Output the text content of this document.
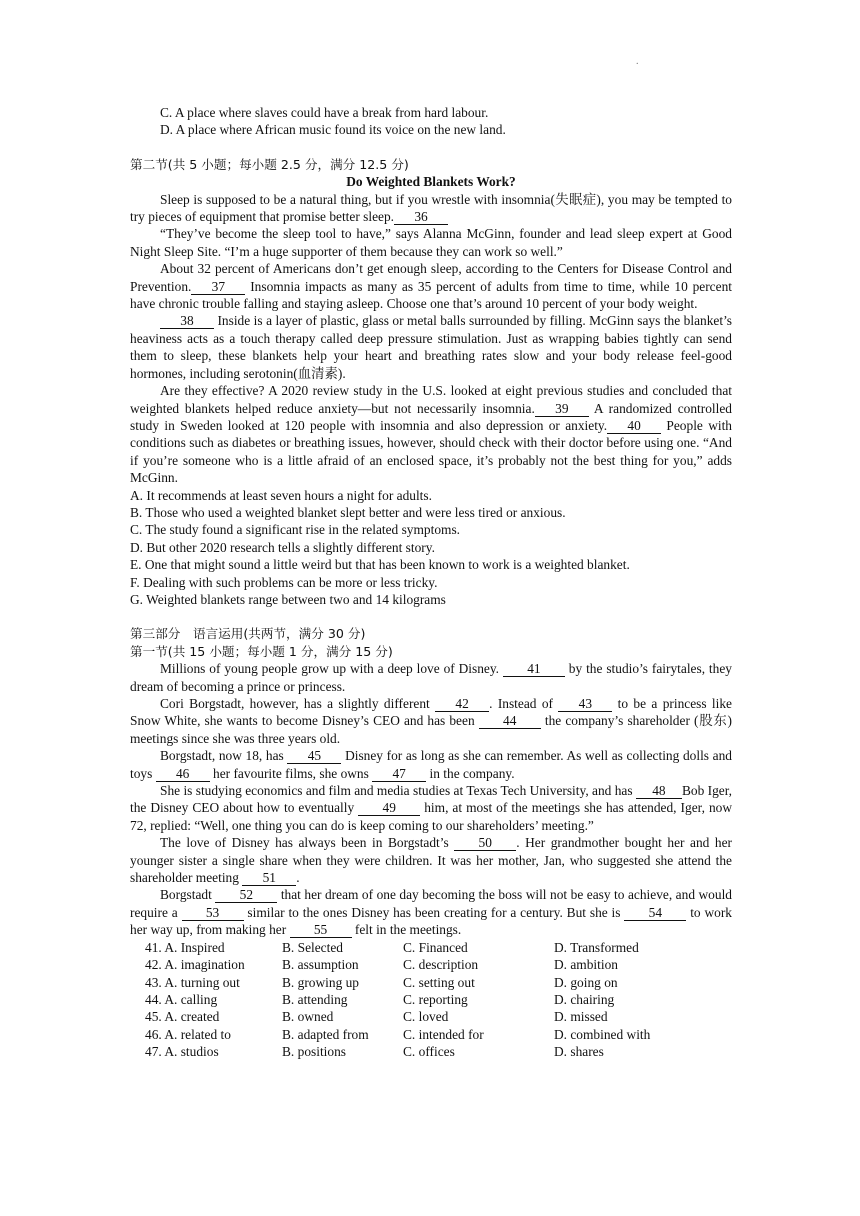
.

C. A place where slaves could have a break from hard labour.

D. A place where African music found its voice on the new land.

第二节(共 5 小题；每小题 2.5 分，满分 12.5 分)

Do Weighted Blankets Work?

Sleep is supposed to be a natural thing, but if you wrestle with insomnia(失眠症), you may be tempted to try pieces of equipment that promise better sleep. 36

“They’ve become the sleep tool to have,” says Alanna McGinn, founder and lead sleep expert at Good Night Sleep Site. “I’m a huge supporter of them because they can work so well.”

About 32 percent of Americans don’t get enough sleep, according to the Centers for Disease Control and Prevention. 37 Insomnia impacts as many as 35 percent of adults from time to time, while 10 percent have chronic trouble falling and staying asleep. Choose one that’s around 10 percent of your body weight.

38 Inside is a layer of plastic, glass or metal balls surrounded by filling. McGinn says the blanket’s heaviness acts as a touch therapy called deep pressure stimulation. Just as wrapping babies tightly can send them to sleep, these blankets help your heart and breathing rates slow and your body release feel-good hormones, including serotonin(血清素).

Are they effective? A 2020 review study in the U.S. looked at eight previous studies and concluded that weighted blankets helped reduce anxiety—but not necessarily insomnia. 39 A randomized controlled study in Sweden looked at 120 people with insomnia and also depression or anxiety. 40 People with conditions such as diabetes or breathing issues, however, should check with their doctor before using one. “And if you’re someone who is a little afraid of an enclosed space, it’s probably not the best thing for you,” adds McGinn.

A. It recommends at least seven hours a night for adults.

B. Those who used a weighted blanket slept better and were less tired or anxious.

C. The study found a significant rise in the related symptoms.

D. But other 2020 research tells a slightly different story.

E. One that might sound a little weird but that has been known to work is a weighted blanket.

F. Dealing with such problems can be more or less tricky.

G. Weighted blankets range between two and 14 kilograms

第三部分　语言运用(共两节，满分 30 分)

第一节(共 15 小题；每小题 1 分，满分 15 分)

Millions of young people grow up with a deep love of Disney. 41 by the studio’s fairytales, they dream of becoming a prince or princess.

Cori Borgstadt, however, has a slightly different 42 . Instead of 43 to be a princess like Snow White, she wants to become Disney’s CEO and has been 44 the company’s shareholder (股东) meetings since she was three years old.

Borgstadt, now 18, has 45 Disney for as long as she can remember. As well as collecting dolls and toys 46 her favourite films, she owns 47 in the company.

She is studying economics and film and media studies at Texas Tech University, and has 48 Bob Iger, the Disney CEO about how to eventually 49 him, at most of the meetings she has attended, Iger, now 72, replied: “Well, one thing you can do is keep coming to our shareholders’ meeting.”

The love of Disney has always been in Borgstadt’s 50 . Her grandmother bought her and her younger sister a single share when they were children. It was her mother, Jan, who suggested she attend the shareholder meeting 51 .

Borgstadt 52 that her dream of one day becoming the boss will not be easy to achieve, and would require a 53 similar to the ones Disney has been creating for a century. But she is 54 to work her way up, from making her 55 felt in the meetings.

41. A. Inspired	B. Selected	C. Financed	D. Transformed
42. A. imagination	B. assumption	C. description	D. ambition
43. A. turning out	B. growing up	C. setting out	D. going on
44. A. calling	B. attending	C. reporting	D. chairing
45. A. created	B. owned	C. loved	D. missed
46. A. related to	B. adapted from	C. intended for	D. combined with
47. A. studios	B. positions	C. offices	D. shares
